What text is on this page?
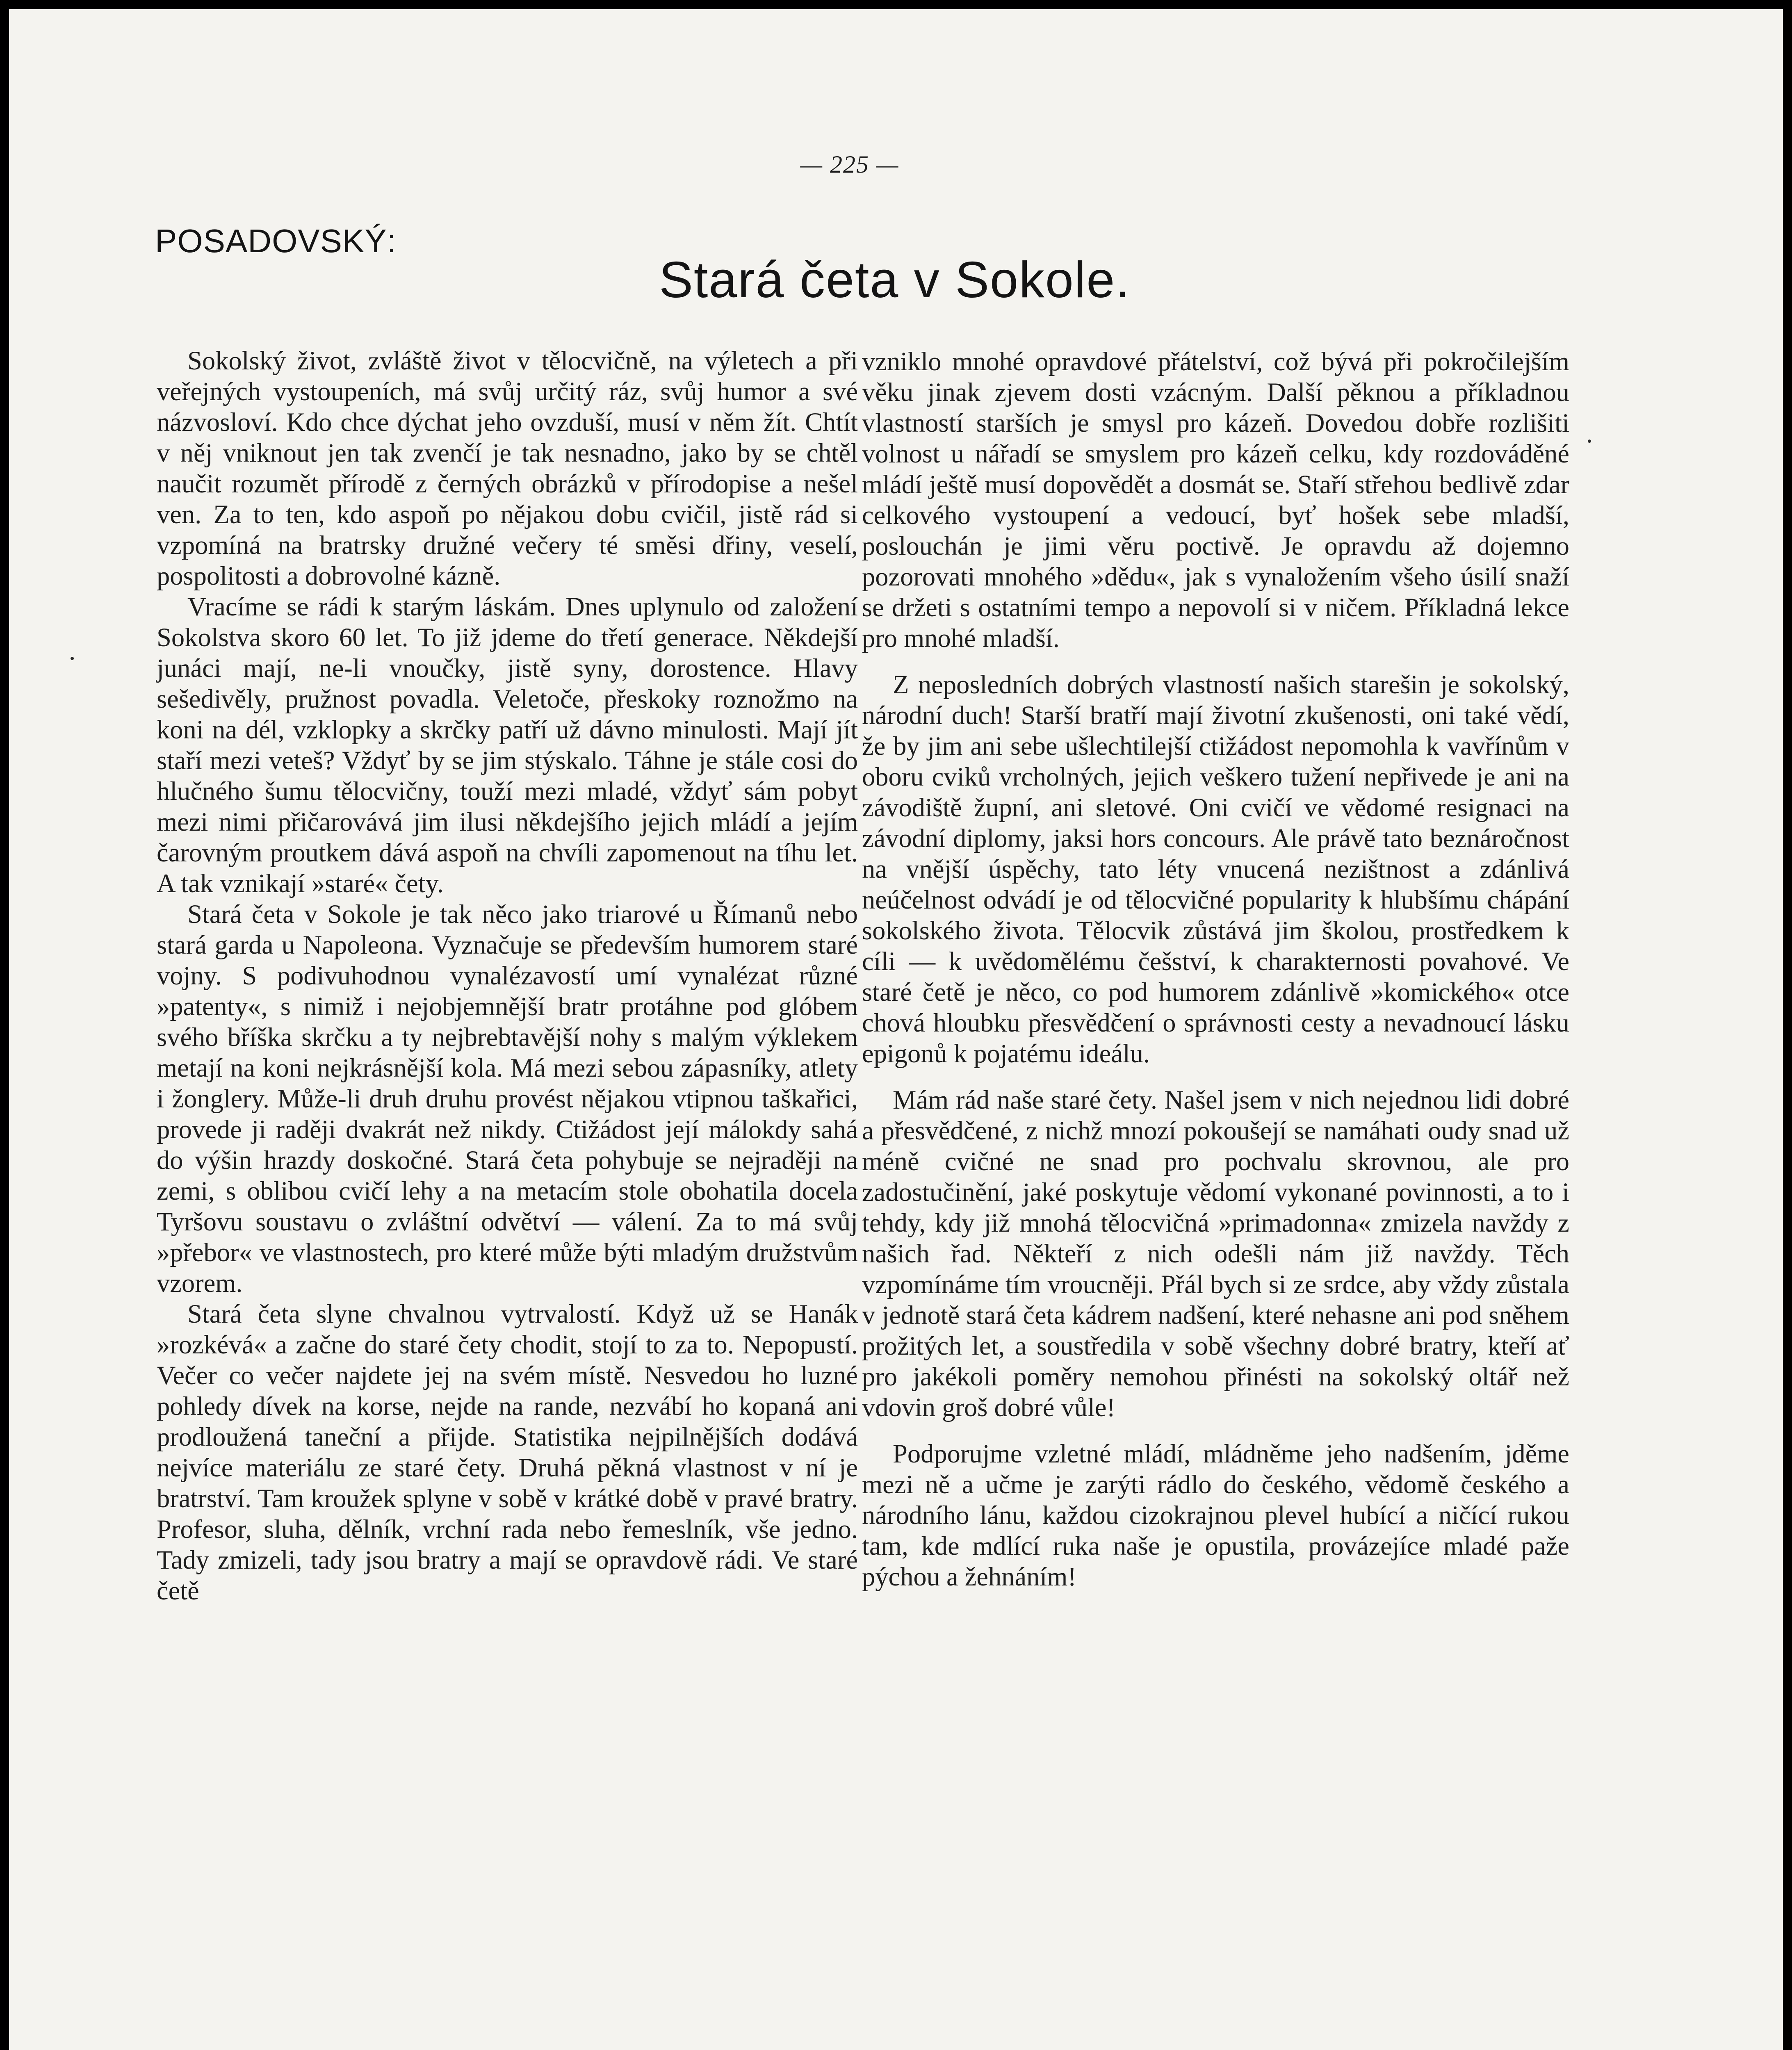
— 225 —
POSADOVSKÝ:
Stará četa v Sokole.

Sokolský život, zvláště život v tělocvičně, na výletech a při veřejných vystoupeních, má svůj určitý ráz, svůj humor a své názvosloví. Kdo chce dýchat jeho ovzduší, musí v něm žít. Chtít v něj vniknout jen tak zvenčí je tak nesnadno, jako by se chtěl naučit rozumět přírodě z černých obrázků v přírodopise a nešel ven. Za to ten, kdo aspoň po nějakou dobu cvičil, jistě rád si vzpomíná na bratrsky družné večery té směsi dřiny, veselí, pospolitosti a dobrovolné kázně.

Vracíme se rádi k starým láskám. Dnes uplynulo od založení Sokolstva skoro 60 let. To již jdeme do třetí generace. Někdejší junáci mají, ne-li vnoučky, jistě syny, dorostence. Hlavy sešedivěly, pružnost povadla. Veletoče, přeskoky roznožmo na koni na dél, vzklopky a skrčky patří už dávno minulosti. Mají jít staří mezi veteš? Vždyť by se jim stýskalo. Táhne je stále cosi do hlučného šumu tělocvičny, touží mezi mladé, vždyť sám pobyt mezi nimi přičarovává jim ilusi někdejšího jejich mládí a jejím čarovným proutkem dává aspoň na chvíli zapomenout na tíhu let. A tak vznikají »staré« čety.

Stará četa v Sokole je tak něco jako triarové u Římanů nebo stará garda u Napoleona. Vyznačuje se především humorem staré vojny. S podivuhodnou vynalézavostí umí vynalézat různé »patenty«, s nimiž i nejobjemnější bratr protáhne pod glóbem svého bříška skrčku a ty nejbrebtavější nohy s malým výklekem metají na koni nejkrásnější kola. Má mezi sebou zápasníky, atlety i žonglery. Může-li druh druhu provést nějakou vtipnou taškařici, provede ji raději dvakrát než nikdy. Ctižádost její málokdy sahá do výšin hrazdy doskočné. Stará četa pohybuje se nejraději na zemi, s oblibou cvičí lehy a na metacím stole obohatila docela Tyršovu soustavu o zvláštní odvětví — válení. Za to má svůj »přebor« ve vlastnostech, pro které může býti mladým družstvům vzorem.

Stará četa slyne chvalnou vytrvalostí. Když už se Hanák »rozkévá« a začne do staré čety chodit, stojí to za to. Nepopustí. Večer co večer najdete jej na svém místě. Nesvedou ho luzné pohledy dívek na korse, nejde na rande, nezvábí ho kopaná ani prodloužená taneční a přijde. Statistika nejpilnějších dodává nejvíce materiálu ze staré čety. Druhá pěkná vlastnost v ní je bratrství. Tam kroužek splyne v sobě v krátké době v pravé bratry. Profesor, sluha, dělník, vrchní rada nebo řemeslník, vše jedno. Tady zmizeli, tady jsou bratry a mají se opravdově rádi. Ve staré četě

vzniklo mnohé opravdové přátelství, což bývá při pokročilejším věku jinak zjevem dosti vzácným. Další pěknou a příkladnou vlastností starších je smysl pro kázeň. Dovedou dobře rozlišiti volnost u nářadí se smyslem pro kázeň celku, kdy rozdováděné mládí ještě musí dopovědět a dosmát se. Staří střehou bedlivě zdar celkového vystoupení a vedoucí, byť hošek sebe mladší, poslouchán je jimi věru poctivě. Je opravdu až dojemno pozorovati mnohého »dědu«, jak s vynaložením všeho úsilí snaží se držeti s ostatními tempo a nepovolí si v ničem. Příkladná lekce pro mnohé mladší.

Z neposledních dobrých vlastností našich starešin je sokolský, národní duch! Starší bratří mají životní zkušenosti, oni také vědí, že by jim ani sebe ušlechtilejší ctižádost nepomohla k vavřínům v oboru cviků vrcholných, jejich veškero tužení nepřivede je ani na závodiště župní, ani sletové. Oni cvičí ve vědomé resignaci na závodní diplomy, jaksi hors concours. Ale právě tato beznáročnost na vnější úspěchy, tato léty vnucená nezištnost a zdánlivá neúčelnost odvádí je od tělocvičné popularity k hlubšímu chápání sokolského života. Tělocvik zůstává jim školou, prostředkem k cíli — k uvědomělému češství, k charakternosti povahové. Ve staré četě je něco, co pod humorem zdánlivě »komického« otce chová hloubku přesvědčení o správnosti cesty a nevadnoucí lásku epigonů k pojatému ideálu.

Mám rád naše staré čety. Našel jsem v nich nejednou lidi dobré a přesvědčené, z nichž mnozí pokoušejí se namáhati oudy snad už méně cvičné ne snad pro pochvalu skrovnou, ale pro zadostučinění, jaké poskytuje vědomí vykonané povinnosti, a to i tehdy, kdy již mnohá tělocvičná »primadonna« zmizela navždy z našich řad. Někteří z nich odešli nám již navždy. Těch vzpomínáme tím vroucněji. Přál bych si ze srdce, aby vždy zůstala v jednotě stará četa kádrem nadšení, které nehasne ani pod sněhem prožitých let, a soustředila v sobě všechny dobré bratry, kteří ať pro jakékoli poměry nemohou přinésti na sokolský oltář než vdovin groš dobré vůle!

Podporujme vzletné mládí, mládněme jeho nadšením, jděme mezi ně a učme je zarýti rádlo do českého, vědomě českého a národního lánu, každou cizokrajnou plevel hubící a ničící rukou tam, kde mdlící ruka naše je opustila, provázejíce mladé paže pýchou a žehnáním!
